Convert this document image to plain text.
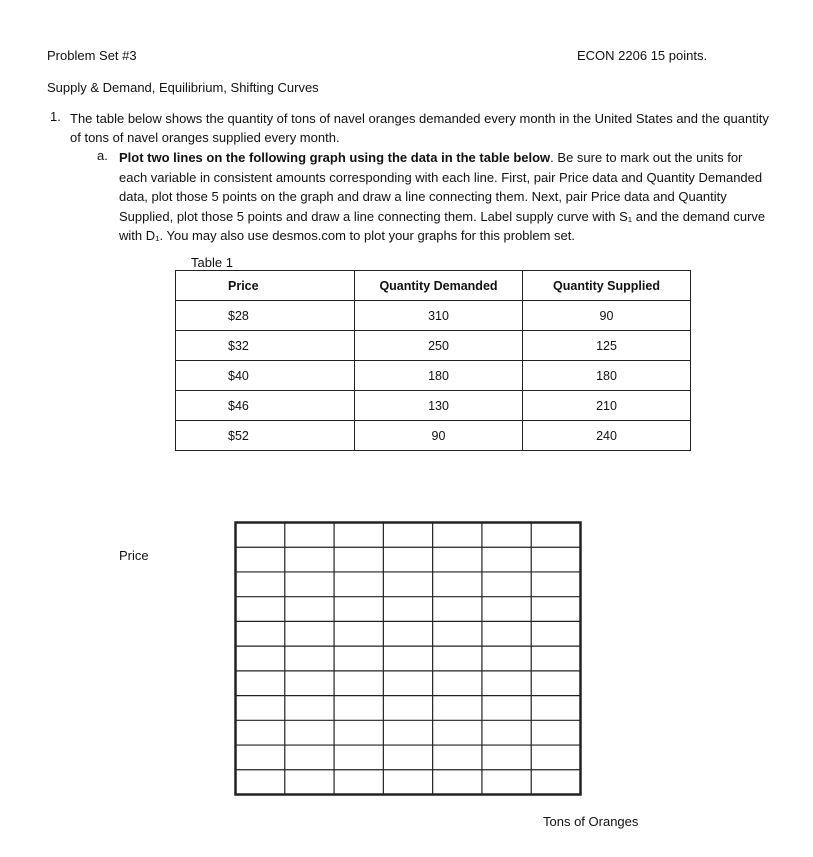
Problem Set #3	ECON 2206 15 points.
Supply & Demand, Equilibrium, Shifting Curves
1. The table below shows the quantity of tons of navel oranges demanded every month in the United States and the quantity of tons of navel oranges supplied every month.
a. Plot two lines on the following graph using the data in the table below. Be sure to mark out the units for each variable in consistent amounts corresponding with each line. First, pair Price data and Quantity Demanded data, plot those 5 points on the graph and draw a line connecting them. Next, pair Price data and Quantity Supplied, plot those 5 points and draw a line connecting them. Label supply curve with S₁ and the demand curve with D₁. You may also use desmos.com to plot your graphs for this problem set.
Table 1
Price	Quantity Demanded	Quantity Supplied
$28	310	90
$32	250	125
$40	180	180
$46	130	210
$52	90	240
Price
Tons of Oranges
